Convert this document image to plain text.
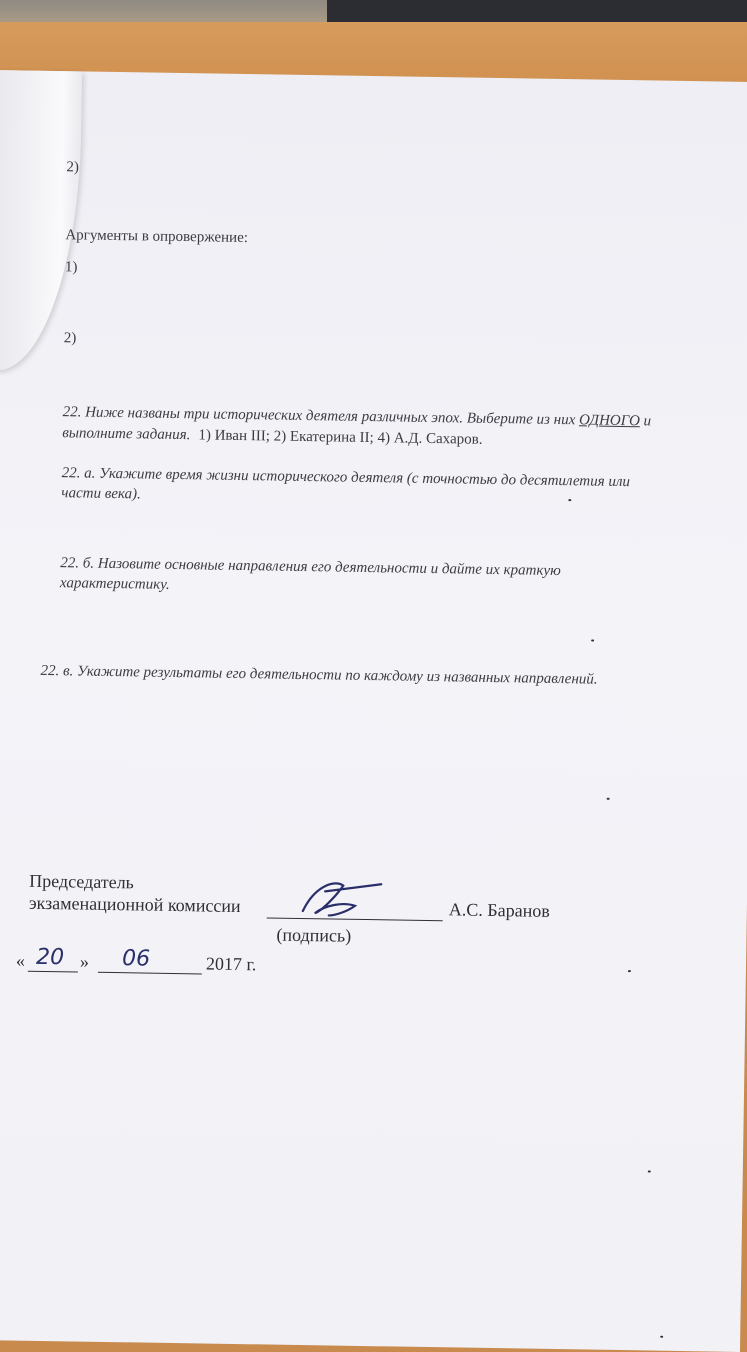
2)
Аргументы в опровержение:
1)
2)
22. Ниже названы три исторических деятеля различных эпох. Выберите из них ОДНОГО и
выполните задания. 1) Иван III; 2) Екатерина II; 4) А.Д. Сахаров.
22. а. Укажите время жизни исторического деятеля (с точностью до десятилетия или
части века).
22. б. Назовите основные направления его деятельности и дайте их краткую
характеристику.
22. в. Укажите результаты его деятельности по каждому из названных направлений.
Председатель
экзаменационной комиссии	А.С. Баранов
(подпись)
« 20 » 06	2017 г.
